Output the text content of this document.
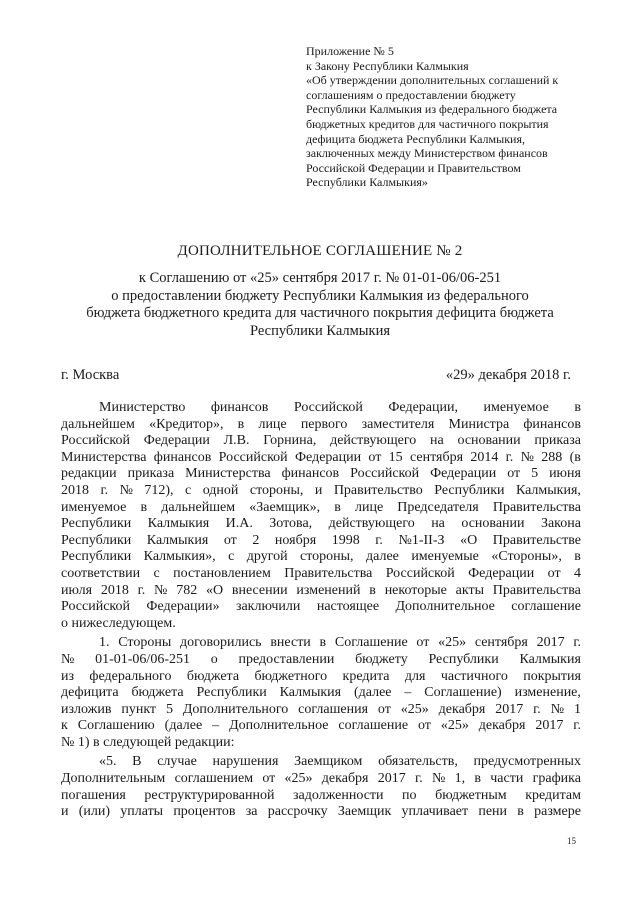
Приложение № 5
к Закону Республики Калмыкия
«Об утверждении дополнительных соглашений к
соглашениям о предоставлении бюджету
Республики Калмыкия из федерального бюджета
бюджетных кредитов для частичного покрытия
дефицита бюджета Республики Калмыкия,
заключенных между Министерством финансов
Российской Федерации и Правительством
Республики Калмыкия»
ДОПОЛНИТЕЛЬНОЕ СОГЛАШЕНИЕ № 2
к Соглашению от «25» сентября 2017 г. № 01-01-06/06-251
о предоставлении бюджету Республики Калмыкия из федерального
бюджета бюджетного кредита для частичного покрытия дефицита бюджета
Республики Калмыкия
г. Москва	«29» декабря 2018 г.
Министерство финансов Российской Федерации, именуемое в
дальнейшем «Кредитор», в лице первого заместителя Министра финансов
Российской Федерации Л.В. Горнина, действующего на основании приказа
Министерства финансов Российской Федерации от 15 сентября 2014 г. № 288 (в
редакции приказа Министерства финансов Российской Федерации от 5 июня
2018 г. № 712), с одной стороны, и Правительство Республики Калмыкия,
именуемое в дальнейшем «Заемщик», в лице Председателя Правительства
Республики Калмыкия И.А. Зотова, действующего на основании Закона
Республики Калмыкия от 2 ноября 1998 г. №1-II-З «О Правительстве
Республики Калмыкия», с другой стороны, далее именуемые «Стороны», в
соответствии с постановлением Правительства Российской Федерации от 4
июля 2018 г. № 782 «О внесении изменений в некоторые акты Правительства
Российской Федерации» заключили настоящее Дополнительное соглашение
о нижеследующем.
1. Стороны договорились внести в Соглашение от «25» сентября 2017 г.
№ 01-01-06/06-251 о предоставлении бюджету Республики Калмыкия
из федерального бюджета бюджетного кредита для частичного покрытия
дефицита бюджета Республики Калмыкия (далее – Соглашение) изменение,
изложив пункт 5 Дополнительного соглашения от «25» декабря 2017 г. № 1
к Соглашению (далее – Дополнительное соглашение от «25» декабря 2017 г.
№ 1) в следующей редакции:
«5. В случае нарушения Заемщиком обязательств, предусмотренных
Дополнительным соглашением от «25» декабря 2017 г. № 1, в части графика
погашения реструктурированной задолженности по бюджетным кредитам
и (или) уплаты процентов за рассрочку Заемщик уплачивает пени в размере
15
